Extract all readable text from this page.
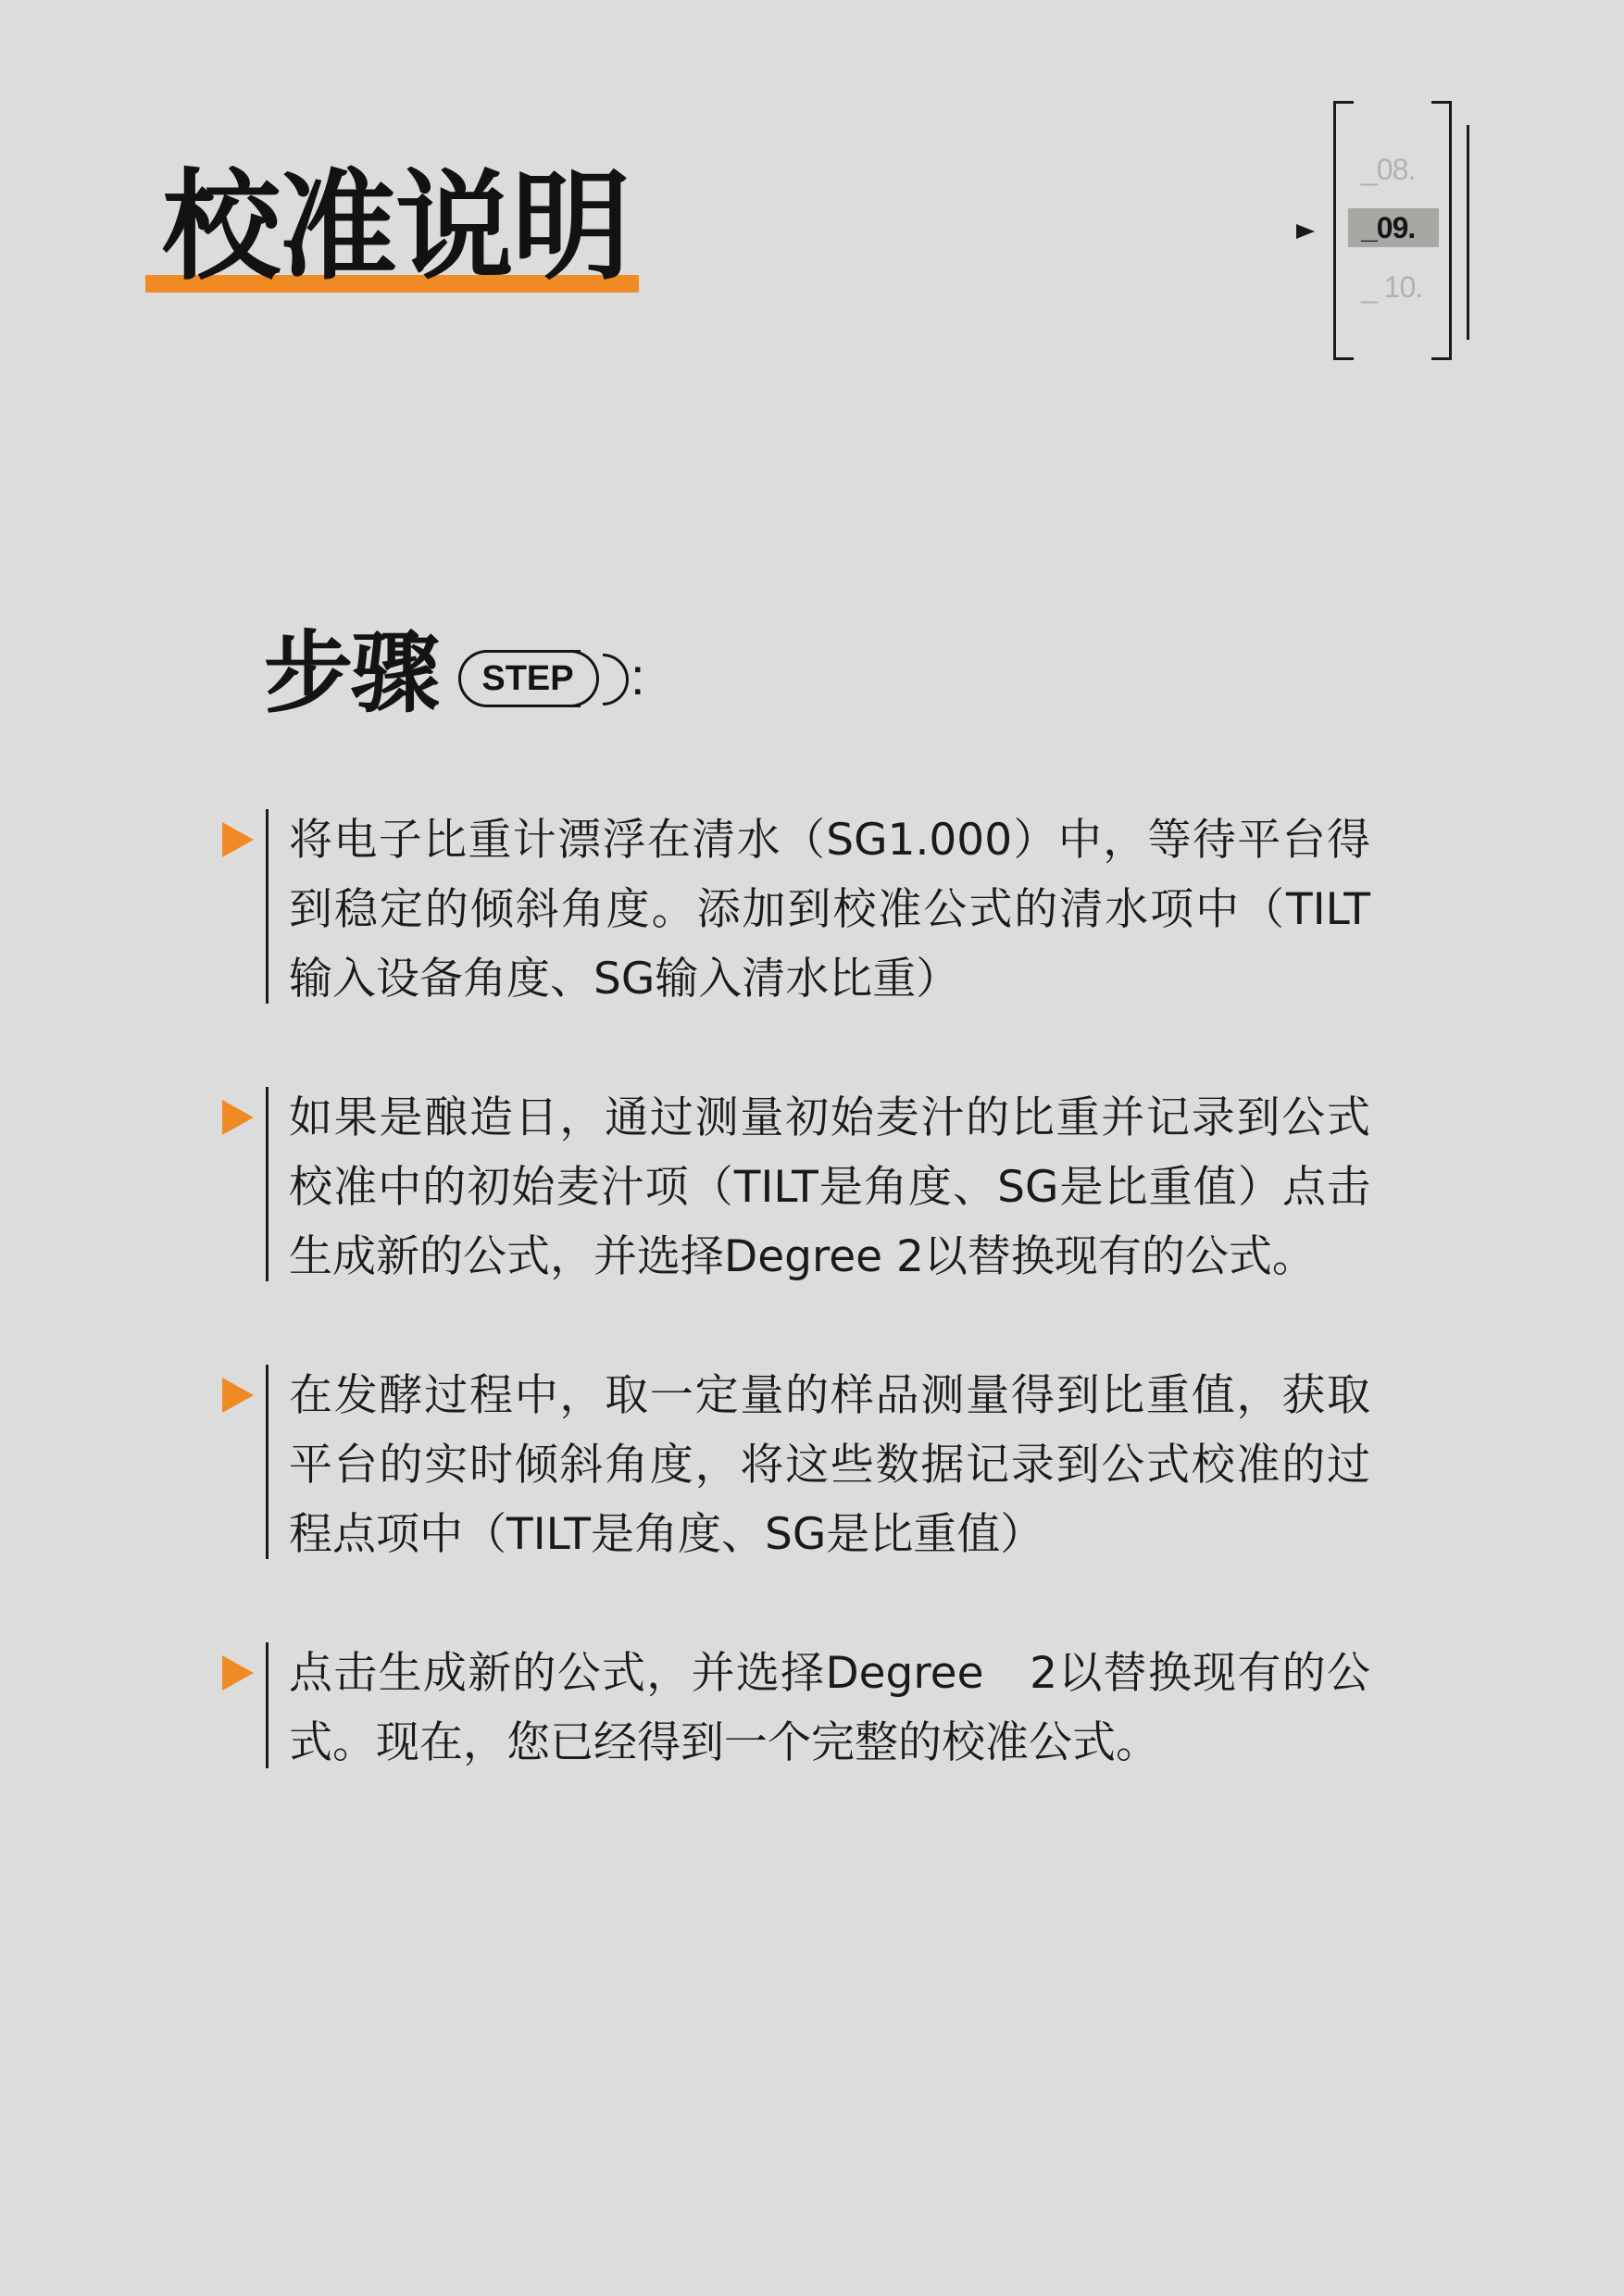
校准说明	_08.
_09.
_ 10.
步骤	STEP :
将电子比重计漂浮在清水（SG1.000）中，等待平台得到稳定的倾斜角度。添加到校准公式的清水项中（TILT输入设备角度、SG输入清水比重）
如果是酿造日，通过测量初始麦汁的比重并记录到公式校准中的初始麦汁项（TILT是角度、SG是比重值）点击生成新的公式，并选择Degree 2以替换现有的公式。
在发酵过程中，取一定量的样品测量得到比重值，获取平台的实时倾斜角度，将这些数据记录到公式校准的过程点项中（TILT是角度、SG是比重值）
点击生成新的公式，并选择Degree　2以替换现有的公式。现在，您已经得到一个完整的校准公式。
